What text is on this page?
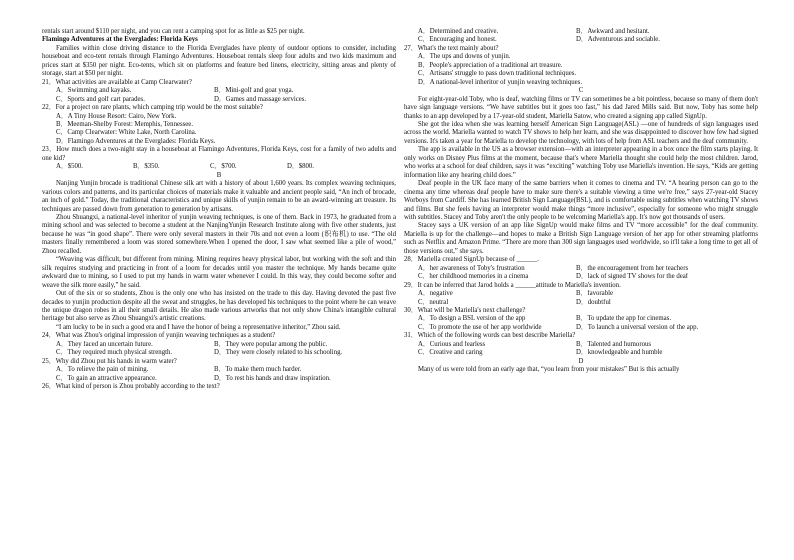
rentals start around $110 per night, and you can rent a camping spot for as little as $25 per night.

Flamingo Adventures at the Everglades: Florida Keys

Families within close driving distance to the Florida Everglades have plenty of outdoor options to consider, including houseboat and eco-tent rentals through Flamingo Adventures. Houseboat rentals sleep four adults and two kids maximum and prices start at $350 per night. Eco-tents, which sit on platforms and feature bed linens, electricity, sitting areas and plenty of storage, start at $50 per night.

21．What activities are available at Camp Clearwater?

A．Swimming and kayaks.	B．Mini-golf and goat yoga.
C．Sports and golf cart parades.	D．Games and massage services.

22．For a project on rare plants, which camping trip would be the most suitable?

A．A Tiny House Resort: Cairo, New York.
B．Meeman-Shelby Forest: Memphis, Tennessee.
C．Camp Clearwater: White Lake, North Carolina.
D．Flamingo Adventures at the Everglades: Florida Keys.

23．How much does a two-night stay in a houseboat at Flamingo Adventures, Florida Keys, cost for a family of two adults and one kid?

A．$500.	B．$350.	C．$700.	D．$800.

B

Nanjing Yunjin brocade is traditional Chinese silk art with a history of about 1,600 years. Its complex weaving techniques, various colors and patterns, and its particular choices of materials make it valuable and ancient people said, “An inch of brocade, an inch of gold.” Today, the traditional characteristics and unique skills of yunjin remain to be an award-winning art treasure. Its techniques are passed down from generation to generation by artisans.

Zhou Shuangxi, a national-level inheritor of yunjin weaving techniques, is one of them. Back in 1973, he graduated from a mining school and was selected to become a student at the NanjingYunjin Research Institute along with five other students, just because he was “in good shape”. There were only several masters in their 70s and not even a loom (织布机) to use. “The old masters finally remembered a loom was stored somewhere.When I opened the door, I saw what seemed like a pile of wood,” Zhou recalled.

“Weaving was difficult, but different from mining. Mining requires heavy physical labor, but working with the soft and thin silk requires studying and practicing in front of a loom for decades until you master the technique. My hands became quite awkward due to mining, so I used to put my hands in warm water whenever I could. In this way, they could become softer and weave the silk more easily,” he said.

Out of the six or so students, Zhou is the only one who has insisted on the trade to this day. Having devoted the past five decades to yunjin production despite all the sweat and struggles, he has developed his techniques to the point where he can weave the unique dragon robes in all their small details. He also made various artworks that not only show China's intangible cultural heritage but also serve as Zhou Shuangxi's artistic creations.

“I am lucky to be in such a good era and I have the honor of being a representative inheritor,” Zhou said.

24．What was Zhou's original impression of yunjin weaving techniques as a student?

A．They faced an uncertain future.	B．They were popular among the public.
C．They required much physical strength.	D．They were closely related to his schooling.

25．Why did Zhou put his hands in warm water?

A．To relieve the pain of mining.	B．To make them much harder.
C．To gain an attractive appearance.	D．To rest his hands and draw inspiration.

26．What kind of person is Zhou probably according to the text?

A．Determined and creative.	B．Awkward and hesitant.
C．Encouraging and honest.	D．Adventurous and sociable.

27．What's the text mainly about?

A．The ups and downs of yunjin.
B．People's appreciation of a traditional art treasure.
C．Artisans' struggle to pass down traditional techniques.
D．A national-level inheritor of yunjin weaving techniques.

C

For eight-year-old Toby, who is deaf, watching films or TV can sometimes be a bit pointless, because so many of them don't have sign language versions. “We have subtitles but it goes too fast,” his dad Jared Mills said. But now, Toby has some help thanks to an app developed by a 17-year-old student, Mariella Satow, who created a signing app called SignUp.

She got the idea when she was learning herself American Sign Language(ASL) —one of hundreds of sign languages used across the world. Mariella wanted to watch TV shows to help her learn, and she was disappointed to discover how few had signed versions. It's taken a year for Mariella to develop the technology, with lots of help from ASL teachers and the deaf community.

The app is available in the US as a browser extension—with an interpreter appearing in a box once the film starts playing. It only works on Disney Plus films at the moment, because that's where Mariella thought she could help the most children. Jarod, who works at a school for deaf children, says it was “exciting” watching Toby use Mariella's invention. He says, “Kids are getting information like any hearing child does.”

Deaf people in the UK face many of the same barriers when it comes to cinema and TV. “A hearing person can go to the cinema any time whereas deaf people have to make sure there's a suitable viewing a time we're free,” says 27-year-old Stacey Worboys from Cardiff. She has learned British Sign Language(BSL), and is comfortable using subtitles when watching TV shows and films. But she feels having an interpreter would make things “more inclusive”, especially for someone who might struggle with subtitles. Stacey and Toby aren't the only people to be welcoming Mariella's app. It's now got thousands of users.

Stacey says a UK version of an app like SignUp would make films and TV “more accessible” for the deaf community. Mariella is up for the challenge—and hopes to make a British Sign Language version of her app for other streaming platforms such as Netflix and Amazon Prime. “There are more than 300 sign languages used worldwide, so it'll take a long time to get all of those versions out,” she says.

28．Mariella created SignUp because of ______.

A．her awareness of Toby's frustration	B．the encouragement from her teachers
C．her childhood memories in a cinema	D．lack of signed TV shows for the deaf

29．It can be inferred that Jarod holds a ______attitude to Mariella's invention.

A．negative	B．favorable
C．neutral	D．doubtful

30．What will be Mariella's next challenge?

A．To design a BSL version of the app	B．To update the app for cinemas.
C．To promote the use of her app worldwide	D．To launch a universal version of the app.

31．Which of the following words can best describe Mariella?

A．Curious and fearless	B．Talented and humorous
C．Creative and caring	D．knowledgeable and humble

D

Many of us were told from an early age that, “you learn from your mistakes” But is this actually
